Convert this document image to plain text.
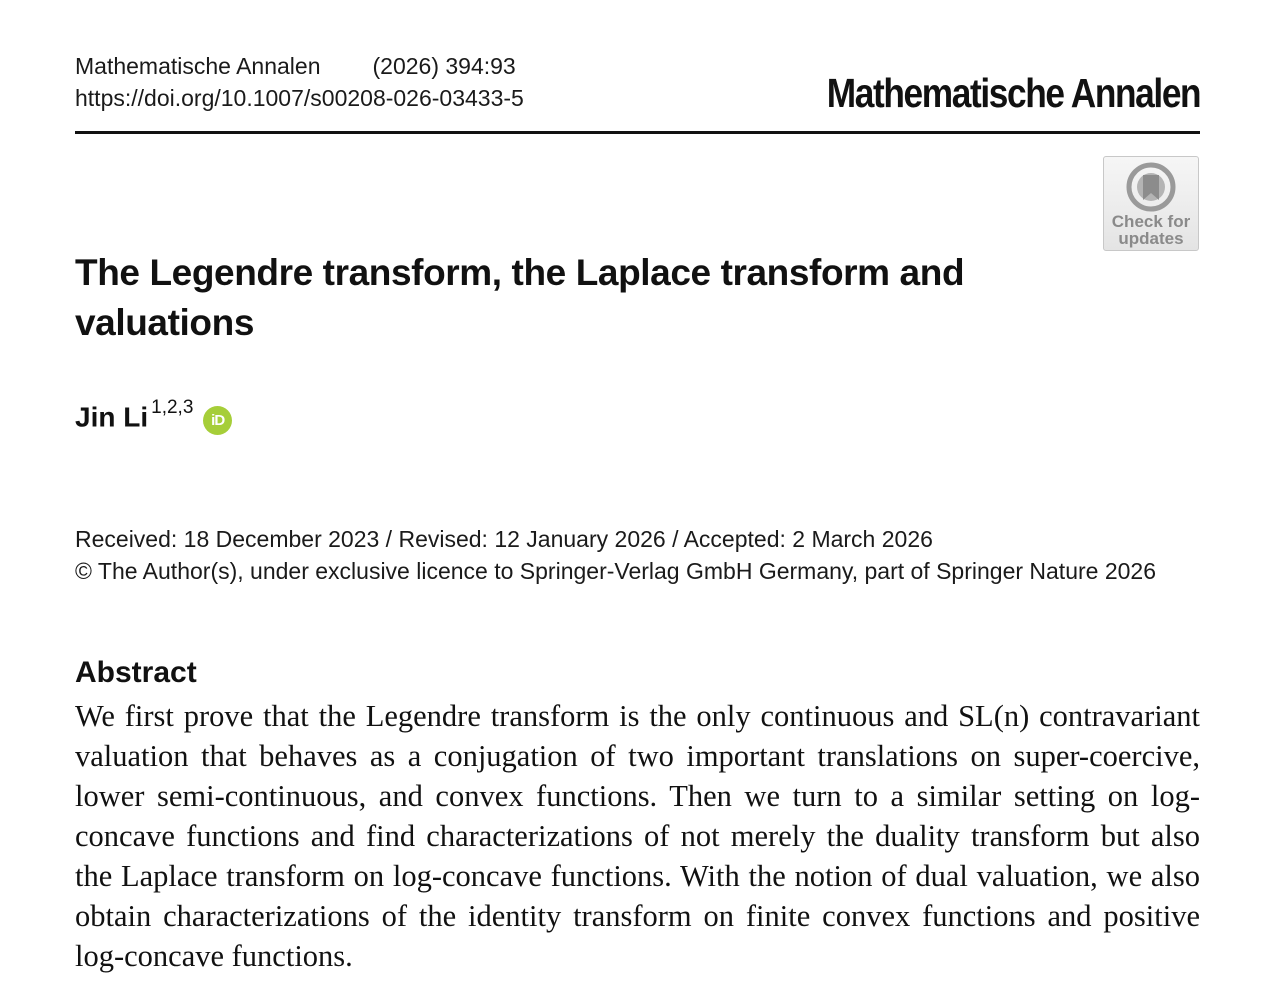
Mathematische Annalen (2026) 394:93
https://doi.org/10.1007/s00208-026-03433-5	Mathematische Annalen
Check for updates
The Legendre transform, the Laplace transform and valuations
Jin Li $^{1,2,3}$ iD
Received: 18 December 2023 / Revised: 12 January 2026 / Accepted: 2 March 2026
© The Author(s), under exclusive licence to Springer-Verlag GmbH Germany, part of Springer Nature 2026
Abstract

We first prove that the Legendre transform is the only continuous and SL(n) contravariant valuation that behaves as a conjugation of two important translations on super-coercive, lower semi-continuous, and convex functions. Then we turn to a similar setting on log-concave functions and find characterizations of not merely the duality transform but also the Laplace transform on log-concave functions. With the notion of dual valuation, we also obtain characterizations of the identity transform on finite convex functions and positive log-concave functions.
